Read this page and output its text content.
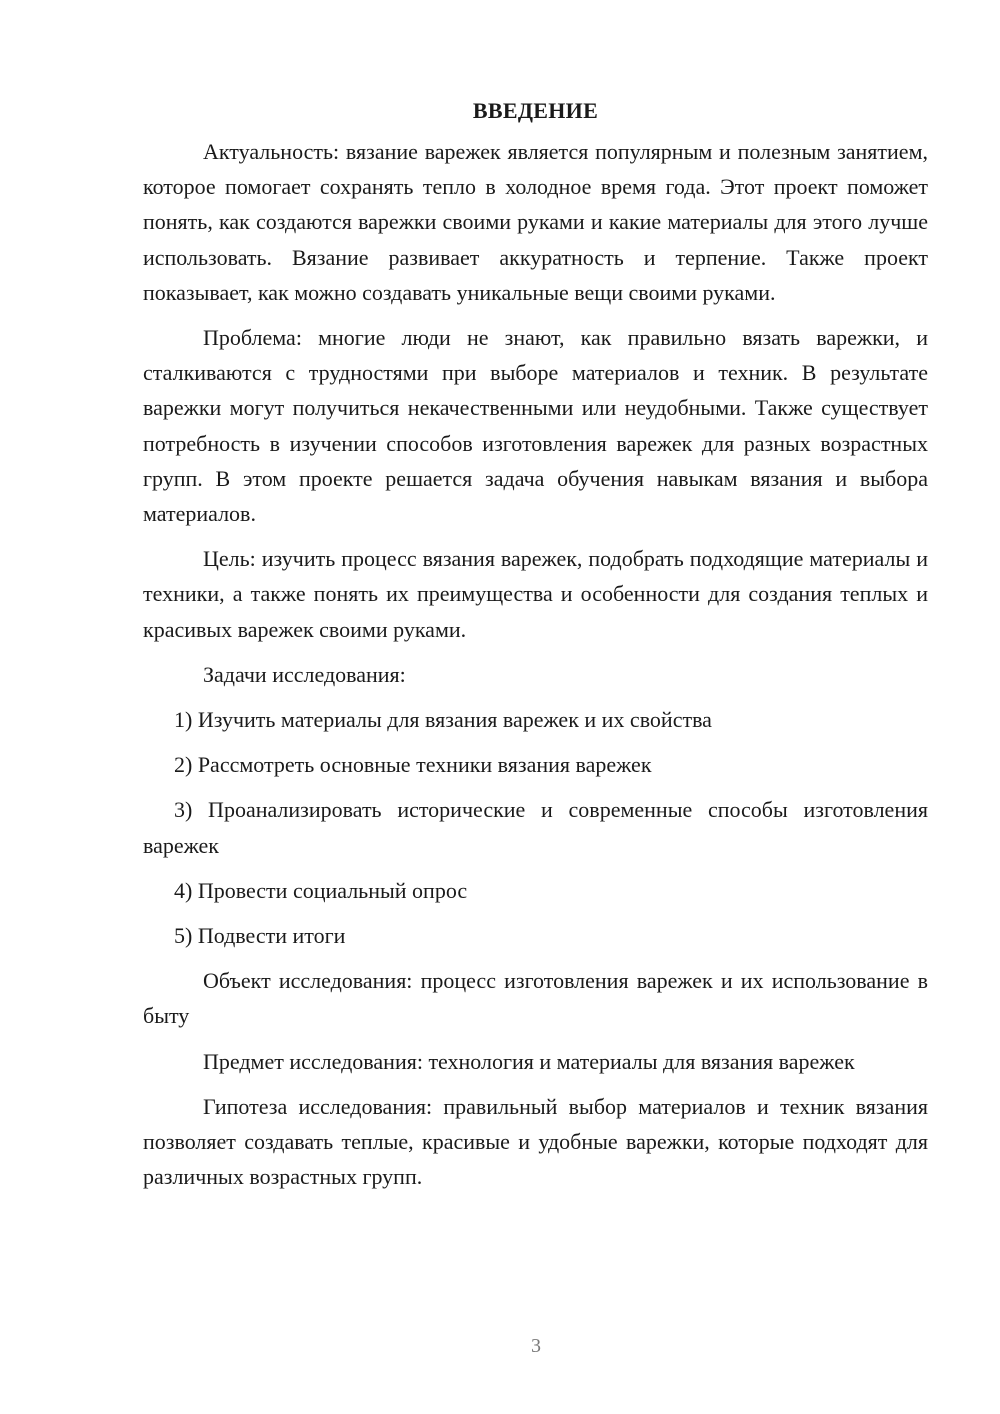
ВВЕДЕНИЕ

Актуальность: вязание варежек является популярным и полезным занятием, которое помогает сохранять тепло в холодное время года. Этот проект поможет понять, как создаются варежки своими руками и какие материалы для этого лучше использовать. Вязание развивает аккуратность и терпение. Также проект показывает, как можно создавать уникальные вещи своими руками.

Проблема: многие люди не знают, как правильно вязать варежки, и сталкиваются с трудностями при выборе материалов и техник. В результате варежки могут получиться некачественными или неудобными. Также существует потребность в изучении способов изготовления варежек для разных возрастных групп. В этом проекте решается задача обучения навыкам вязания и выбора материалов.

Цель: изучить процесс вязания варежек, подобрать подходящие материалы и техники, а также понять их преимущества и особенности для создания теплых и красивых варежек своими руками.

Задачи исследования:

1) Изучить материалы для вязания варежек и их свойства

2) Рассмотреть основные техники вязания варежек

3) Проанализировать исторические и современные способы изготовления варежек

4) Провести социальный опрос

5) Подвести итоги

Объект исследования: процесс изготовления варежек и их использование в быту

Предмет исследования: технология и материалы для вязания варежек

Гипотеза исследования: правильный выбор материалов и техник вязания позволяет создавать теплые, красивые и удобные варежки, которые подходят для различных возрастных групп.

3
